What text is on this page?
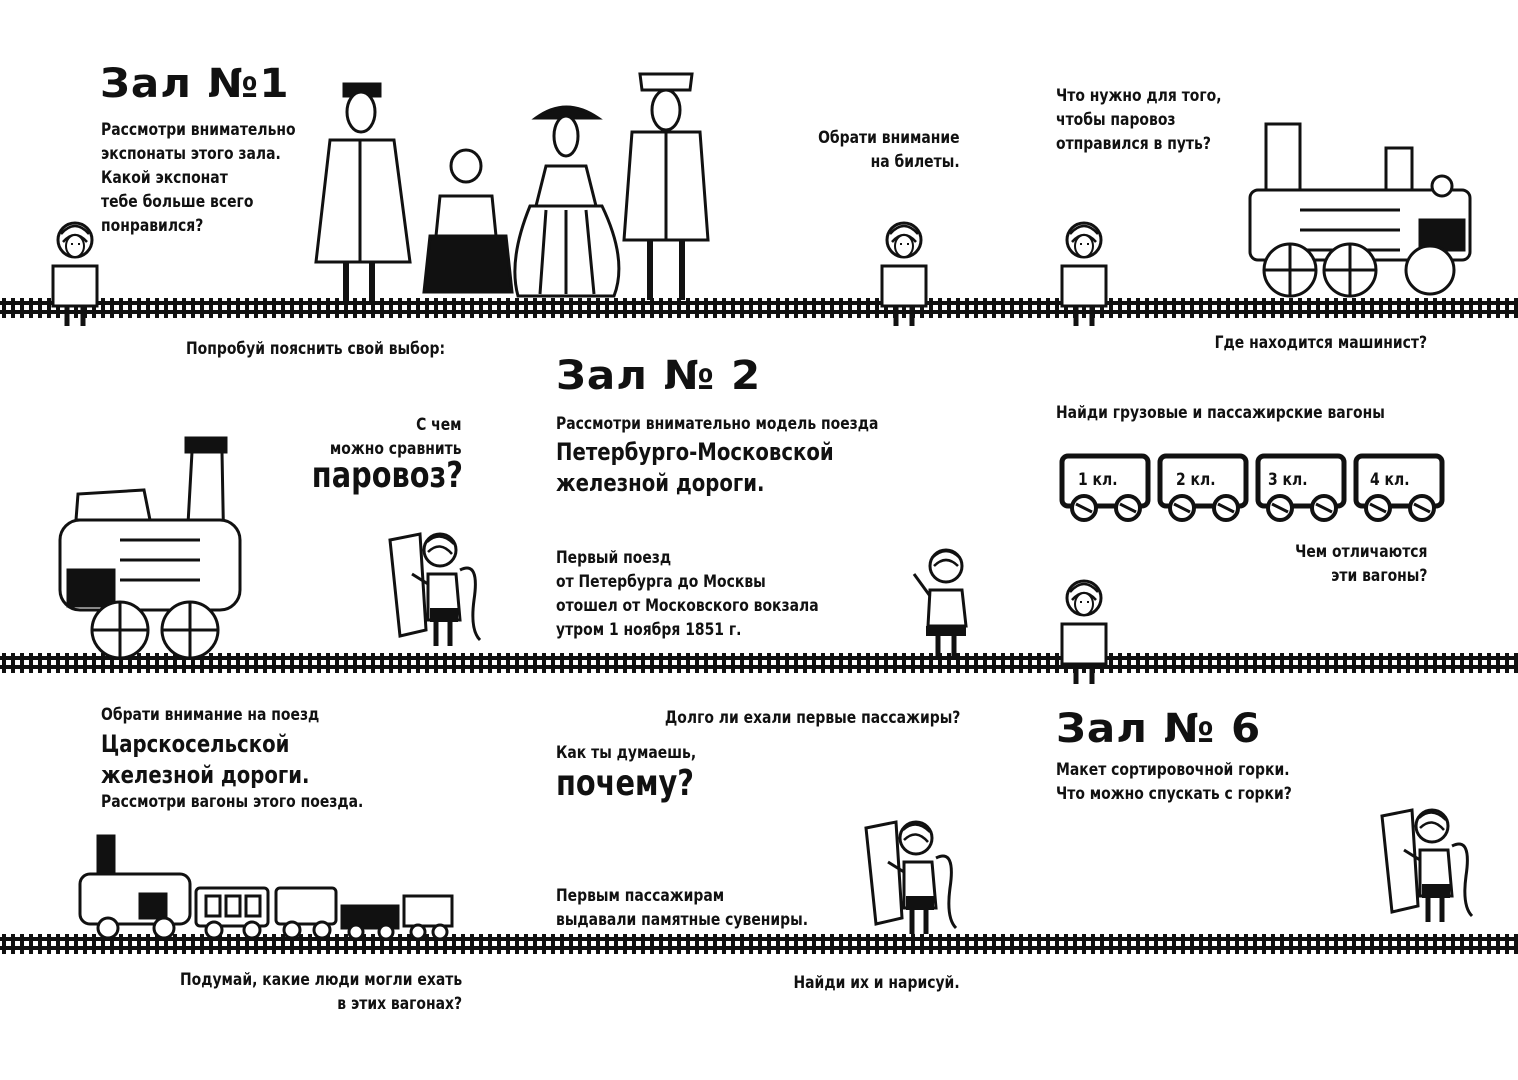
Зал №1
Рассмотри внимательно
экспонаты этого зала.
Какой экспонат
тебе больше всего
понравился?
Попробуй пояснить свой выбор:
Обрати внимание
на билеты.
Что нужно для того,
чтобы паровоз
отправился в путь?
Где находится машинист?
С чем
можно сравнить
паровоз?
Зал № 2
Рассмотри внимательно модель поезда
Петербурго-Московской
железной дороги.
Первый поезд
от Петербурга до Москвы
отошел от Московского вокзала
утром 1 ноября 1851 г.
Найди грузовые и пассажирские вагоны
1 кл.	2 кл.	3 кл.	4 кл.
Чем отличаются
эти вагоны?
Обрати внимание на поезд
Царскосельской
железной дороги.
Рассмотри вагоны этого поезда.
Долго ли ехали первые пассажиры?
Как ты думаешь,
почему?
Первым пассажирам
выдавали памятные сувениры.
Найди их и нарисуй.
Подумай, какие люди могли ехать
в этих вагонах?
Зал № 6
Макет сортировочной горки.
Что можно спускать с горки?
